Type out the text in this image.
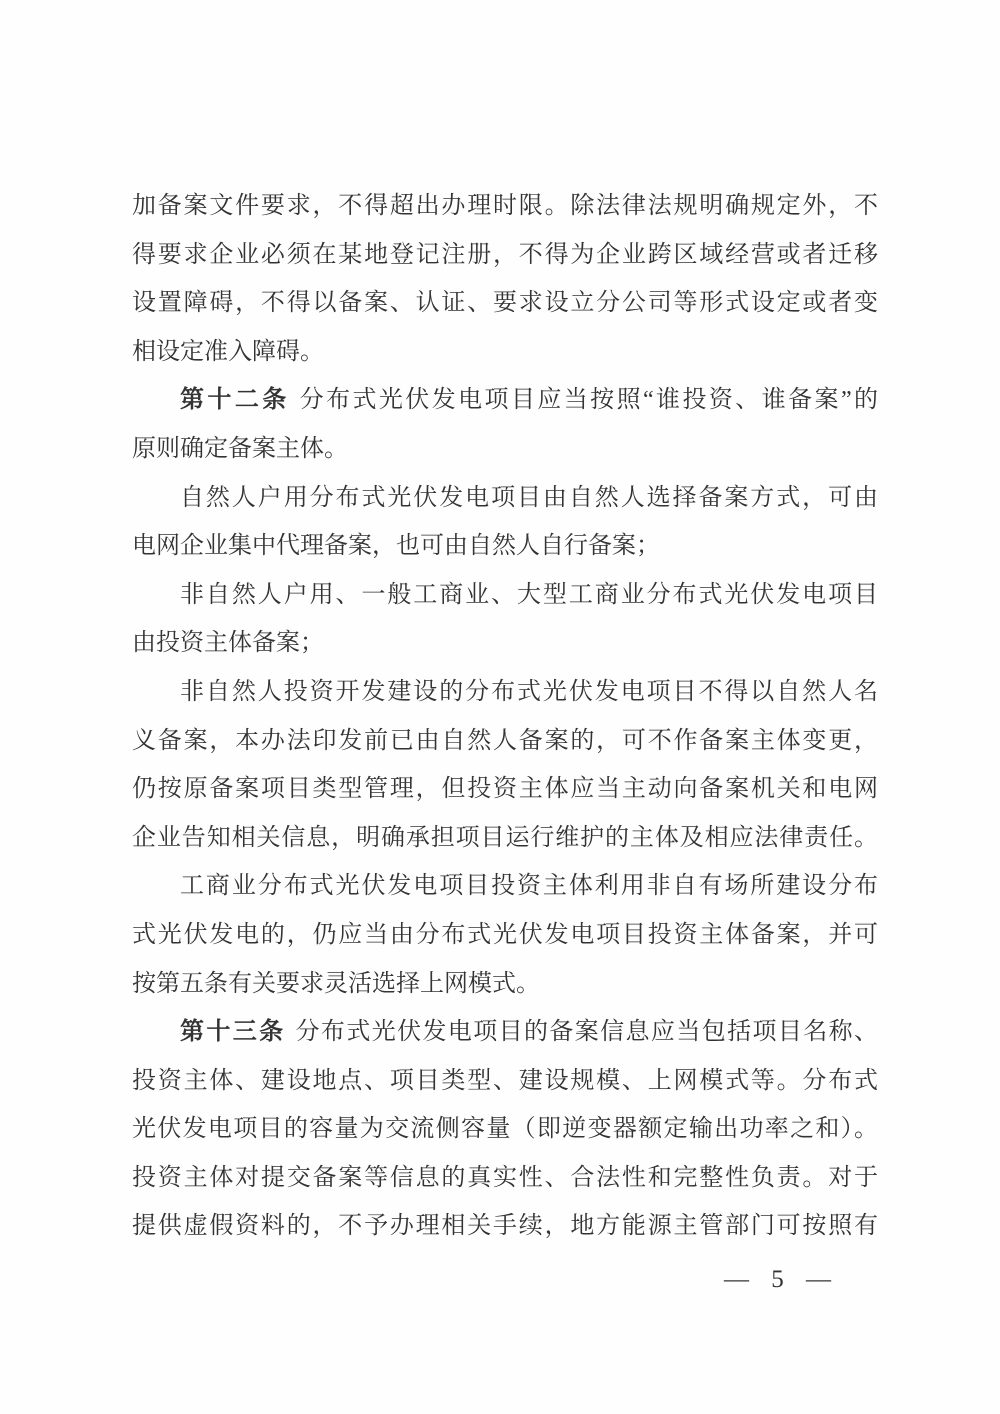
加备案文件要求，不得超出办理时限。除法律法规明确规定外，不
得要求企业必须在某地登记注册，不得为企业跨区域经营或者迁移
设置障碍，不得以备案、认证、要求设立分公司等形式设定或者变
相设定准入障碍。
第十二条 分布式光伏发电项目应当按照“谁投资、谁备案”的
原则确定备案主体。
自然人户用分布式光伏发电项目由自然人选择备案方式，可由
电网企业集中代理备案，也可由自然人自行备案；
非自然人户用、一般工商业、大型工商业分布式光伏发电项目
由投资主体备案；
非自然人投资开发建设的分布式光伏发电项目不得以自然人名
义备案，本办法印发前已由自然人备案的，可不作备案主体变更，
仍按原备案项目类型管理，但投资主体应当主动向备案机关和电网
企业告知相关信息，明确承担项目运行维护的主体及相应法律责任。
工商业分布式光伏发电项目投资主体利用非自有场所建设分布
式光伏发电的，仍应当由分布式光伏发电项目投资主体备案，并可
按第五条有关要求灵活选择上网模式。
第十三条 分布式光伏发电项目的备案信息应当包括项目名称、
投资主体、建设地点、项目类型、建设规模、上网模式等。分布式
光伏发电项目的容量为交流侧容量（即逆变器额定输出功率之和）。
投资主体对提交备案等信息的真实性、合法性和完整性负责。对于
提供虚假资料的，不予办理相关手续，地方能源主管部门可按照有
— 5 —
